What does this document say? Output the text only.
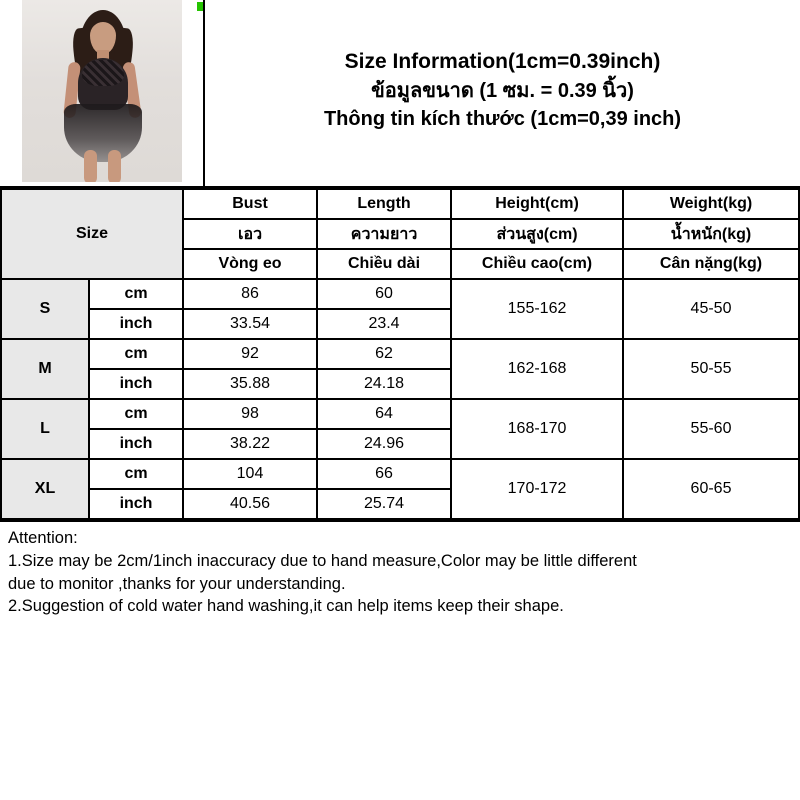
Size Information(1cm=0.39inch)
ข้อมูลขนาด (1 ซม. = 0.39 นิ้ว)
Thông tin kích thước (1cm=0,39 inch)
Size		Bust	Length	Height(cm)	Weight(kg)
		เอว	ความยาว	ส่วนสูง(cm)	น้ำหนัก(kg)
		Vòng eo	Chiều dài	Chiều cao(cm)	Cân nặng(kg)
S	cm	86	60	155-162	45-50
	inch	33.54	23.4		
M	cm	92	62	162-168	50-55
	inch	35.88	24.18		
L	cm	98	64	168-170	55-60
	inch	38.22	24.96		
XL	cm	104	66	170-172	60-65
	inch	40.56	25.74		

Attention:

1.Size may be 2cm/1inch inaccuracy due to hand measure,Color may be little different

due to monitor ,thanks for your understanding.

2.Suggestion of cold water hand washing,it can help items keep their shape.
